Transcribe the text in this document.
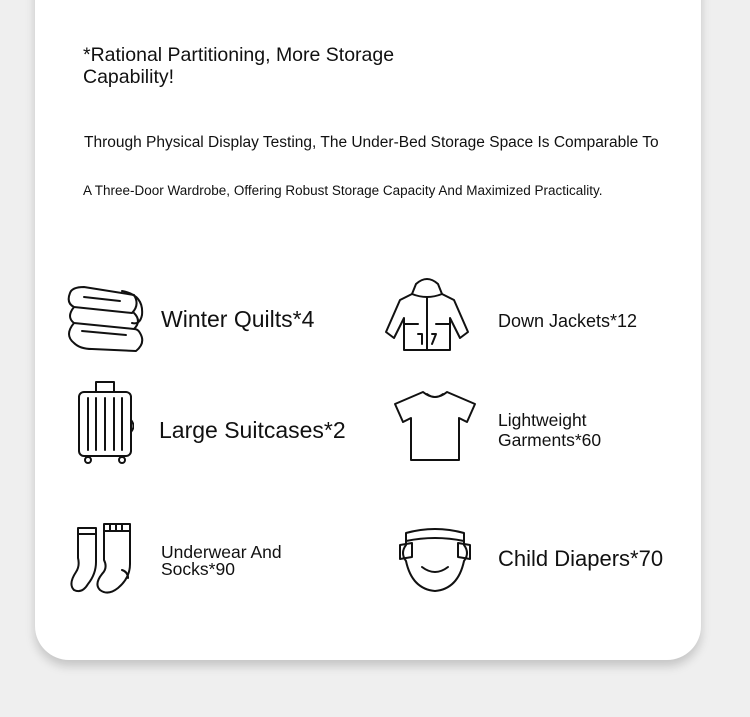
*Rational Partitioning, More Storage Capability!
Through Physical Display Testing, The Under-Bed Storage Space Is Comparable To
A Three-Door Wardrobe, Offering Robust Storage Capacity And Maximized Practicality.
Winter Quilts*4	Down Jackets*12
Large Suitcases*2	Lightweight Garments*60
Underwear And Socks*90	Child Diapers*70
